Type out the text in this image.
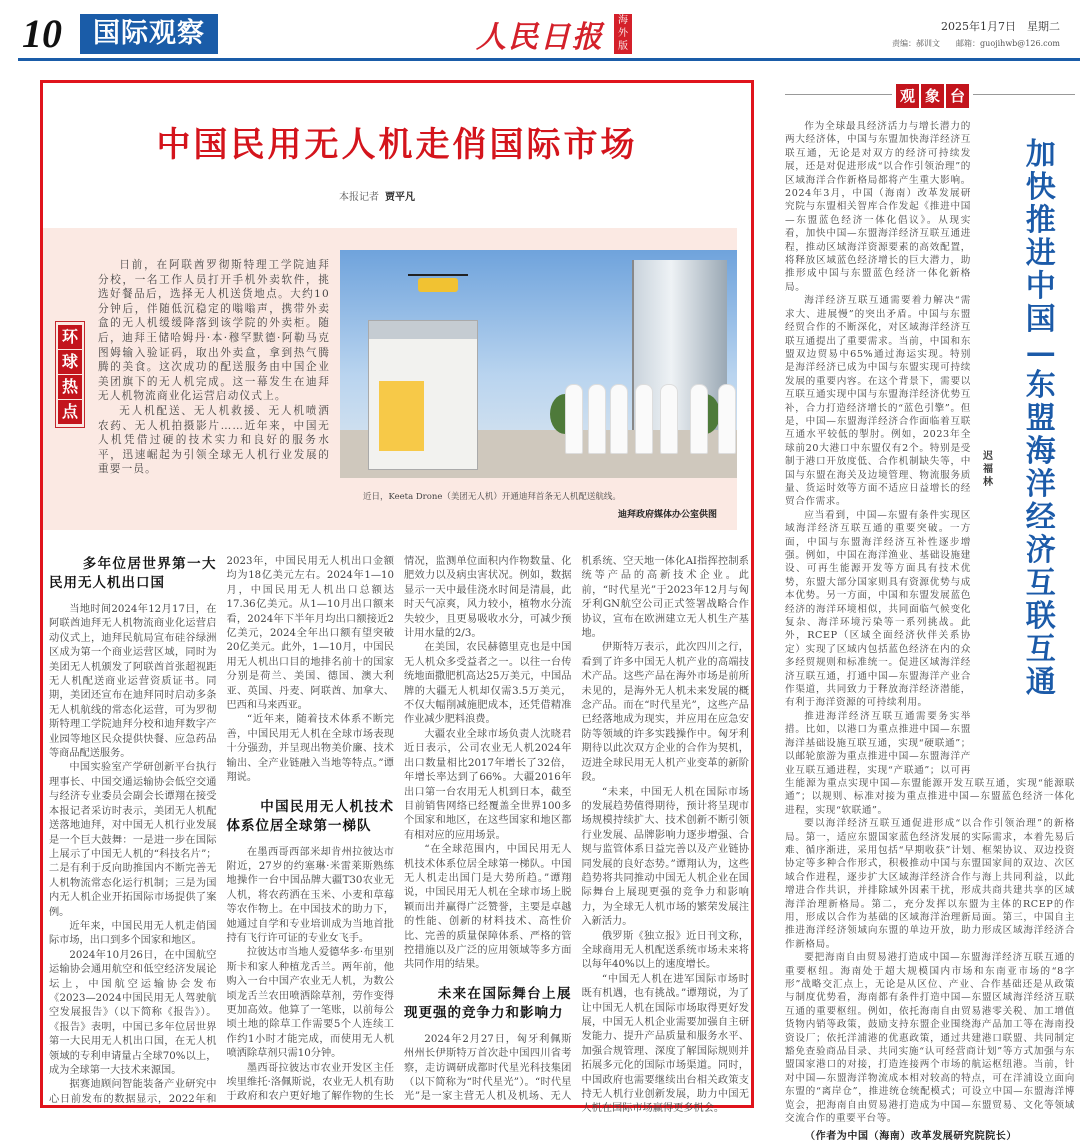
10	国际观察	人民日报	海外版
2025年1月7日　星期二
责编：郝训文　　邮箱：guojihwb@126.com
中国民用无人机走俏国际市场
本报记者 贾平凡
环
球
热
点

日前，在阿联酋罗彻斯特理工学院迪拜分校，一名工作人员打开手机外卖软件，挑选好餐品后，选择无人机送货地点。大约10分钟后，伴随低沉稳定的嗡嗡声，携带外卖盒的无人机缓缓降落到该学院的外卖柜。随后，迪拜王储哈姆丹·本·穆罕默德·阿勒马克图姆输入验证码，取出外卖盒，拿到热气腾腾的美食。这次成功的配送服务由中国企业美团旗下的无人机完成。这一幕发生在迪拜无人机物流商业化运营启动仪式上。

无人机配送、无人机救援、无人机喷洒农药、无人机拍摄影片……近年来，中国无人机凭借过硬的技术实力和良好的服务水平，迅速崛起为引领全球无人机行业发展的重要一员。

近日，Keeta Drone（美团无人机）开通迪拜首条无人机配送航线。
迪拜政府媒体办公室供图
多年位居世界第一大民用无人机出口国

当地时间2024年12月17日，在阿联酋迪拜无人机物流商业化运营启动仪式上，迪拜民航局宣布硅谷绿洲区成为第一个商业运营区域，同时为美团无人机颁发了阿联酋首张超视距无人机配送商业运营资质证书。同期，美团还宣布在迪拜同时启动多条无人机航线的常态化运营，可为罗彻斯特理工学院迪拜分校和迪拜数字产业园等地区民众提供快餐、应急药品等商品配送服务。

中国实验室产学研创新平台执行理事长、中国交通运输协会低空交通与经济专业委员会副会长谭翔在接受本报记者采访时表示，美团无人机配送落地迪拜，对中国无人机行业发展是一个巨大鼓舞：一是进一步在国际上展示了中国无人机的“科技名片”；二是有利于反向助推国内不断完善无人机物流常态化运行机制；三是为国内无人机企业开拓国际市场提供了案例。

近年来，中国民用无人机走俏国际市场，出口到多个国家和地区。

2024年10月26日，在中国航空运输协会通用航空和低空经济发展论坛上，中国航空运输协会发布《2023—2024中国民用无人驾驶航空发展报告》（以下简称《报告》）。《报告》表明，中国已多年位居世界第一大民用无人机出口国，在无人机领域的专利申请量占全球70%以上，成为全球第一大技术来源国。

据赛迪顾问智能装备产业研究中心日前发布的数据显示，2022年和2023年，中国民用无人机出口金额均为18亿美元左右。2024年1—10月，中国民用无人机出口总额达17.36亿美元。从1—10月出口额来看，2024年下半年月均出口额接近2亿美元，2024全年出口额有望突破20亿美元。此外，1—10月，中国民用无人机出口目的地排名前十的国家分别是荷兰、美国、德国、澳大利亚、英国、丹麦、阿联酋、加拿大、巴西和马来西亚。

“近年来，随着技术体系不断完善，中国民用无人机在全球市场表现十分强劲，并呈现出物美价廉、技术输出、全产业链融入当地等特点。”谭翔说。

中国民用无人机技术体系位居全球第一梯队

在墨西哥西部米却肯州拉彼达市附近，27岁的约塞琳·米雷莱斯熟练地操作一台中国品牌大疆T30农业无人机，将农药洒在玉米、小麦和草莓等农作物上。在中国技术的助力下，她通过自学和专业培训成为当地首批持有飞行许可证的专业女飞手。

拉彼达市当地人爱德华多·布里别斯卡和家人种植龙舌兰。两年前，他购入一台中国产农业无人机，为数公顷龙舌兰农田喷洒除草剂，劳作变得更加高效。他算了一笔账，以前每公顷土地的除草工作需要5个人连续工作约1小时才能完成，而使用无人机喷洒除草剂只需10分钟。

墨西哥拉彼达市农业开发区主任埃里维托·洛佩斯说，农业无人机有助于政府和农户更好地了解作物的生长情况，监测单位面积内作物数量、化肥效力以及病虫害状况。例如，数据显示一天中最佳浇水时间是清晨，此时天气凉爽，风力较小，植物水分流失较少，且更易吸收水分，可减少预计用水量的2/3。

在美国，农民赫德里克也是中国无人机众多受益者之一。以往一台传统地面撒肥机高达25万美元，中国品牌的大疆无人机却仅需3.5万美元，不仅大幅削减施肥成本，还凭借精准作业减少肥料浪费。

大疆农业全球市场负责人沈晓君近日表示，公司农业无人机2024年出口数量相比2017年增长了32倍，年增长率达到了66%。大疆2016年出口第一台农用无人机到日本，截至目前销售网络已经覆盖全世界100多个国家和地区，在这些国家和地区都有相对应的应用场景。

“在全球范围内，中国民用无人机技术体系位居全球第一梯队。中国无人机走出国门是大势所趋。”谭翔说，中国民用无人机在全球市场上脱颖而出并赢得广泛赞誉，主要是卓越的性能、创新的材料技术、高性价比、完善的质量保障体系、严格的管控措施以及广泛的应用领域等多方面共同作用的结果。

未来在国际舞台上展现更强的竞争力和影响力

2024年2月27日，匈牙利佩斯州州长伊斯特万首次赴中国四川省考察，走访调研成都时代星光科技集团（以下简称为“时代星光”）。“时代星光”是一家主营无人机及机场、无人机系统、空天地一体化AI指挥控制系统等产品的高新技术企业。此前，“时代星光”于2023年12月与匈牙利GN航空公司正式签署战略合作协议，宣布在欧洲建立无人机生产基地。

伊斯特万表示，此次四川之行，看到了许多中国无人机产业的高端技术产品。这些产品在海外市场是前所未见的，是海外无人机未来发展的概念产品。而在“时代星光”，这些产品已经落地成为现实，并应用在应急安防等领域的许多实践操作中。匈牙利期待以此次双方企业的合作为契机，迈进全球民用无人机产业变革的新阶段。

“未来，中国无人机在国际市场的发展趋势值得期待，预计将呈现市场规模持续扩大、技术创新不断引领行业发展、品牌影响力逐步增强、合规与监管体系日益完善以及产业链协同发展的良好态势。”谭翔认为，这些趋势将共同推动中国无人机企业在国际舞台上展现更强的竞争力和影响力，为全球无人机市场的繁荣发展注入新活力。

俄罗斯《独立报》近日刊文称，全球商用无人机配送系统市场未来将以每年40%以上的速度增长。

“中国无人机在进军国际市场时既有机遇，也有挑战。”谭翔说，为了让中国无人机在国际市场取得更好发展，中国无人机企业需要加强自主研发能力、提升产品质量和服务水平、加强合规管理、深度了解国际规则并拓展多元化的国际市场渠道。同时，中国政府也需要继续出台相关政策支持无人机行业创新发展，助力中国无人机在国际市场赢得更多机会。

观 象 台
迟福林
加快推进中国—东盟海洋经济互联互通

作为全球最具经济活力与增长潜力的两大经济体，中国与东盟加快海洋经济互联互通，无论是对双方的经济可持续发展，还是对促进形成“以合作引领治理”的区域海洋合作新格局都将产生重大影响。2024年3月，中国（海南）改革发展研究院与东盟相关智库合作发起《推进中国—东盟蓝色经济一体化倡议》。从现实看，加快中国—东盟海洋经济互联互通进程，推动区域海洋资源要素的高效配置，将释放区域蓝色经济增长的巨大潜力，助推形成中国与东盟蓝色经济一体化新格局。

海洋经济互联互通需要着力解决“需求大、进展慢”的突出矛盾。中国与东盟经贸合作的不断深化，对区域海洋经济互联互通提出了重要需求。当前，中国和东盟双边贸易中65%通过海运实现。特别是海洋经济已成为中国与东盟实现可持续发展的重要内容。在这个背景下，需要以互联互通实现中国与东盟海洋经济优势互补，合力打造经济增长的“蓝色引擎”。但是，中国—东盟海洋经济合作面临着互联互通水平较低的掣肘。例如，2023年全球前20大港口中东盟仅有2个。特别是受制于港口开放度低、合作机制缺失等，中国与东盟在海关及边境管理、物流服务质量、货运时效等方面不适应日益增长的经贸合作需求。

应当看到，中国—东盟有条件实现区域海洋经济互联互通的重要突破。一方面，中国与东盟海洋经济互补性逐步增强。例如，中国在海洋渔业、基础设施建设、可再生能源开发等方面具有技术优势，东盟大部分国家则具有资源优势与成本优势。另一方面，中国和东盟发展蓝色经济的海洋环境相似，共同面临气候变化复杂、海洋环境污染等一系列挑战。此外，RCEP（区域全面经济伙伴关系协定）实现了区域内包括蓝色经济在内的众多经贸规则和标准统一。促进区域海洋经济互联互通，打通中国—东盟海洋产业合作渠道，共同致力于释放海洋经济潜能，有利于海洋资源的可持续利用。

推进海洋经济互联互通需要务实举措。比如，以港口为重点推进中国—东盟海洋基础设施互联互通，实现“硬联通”；以邮轮旅游为重点推进中国—东盟海洋产业互联互通进程，实现“产联通”；以可再生能源为重点实现中国—东盟能源开发互联互通，实现“能源联通”；以规则、标准对接为重点推进中国—东盟蓝色经济一体化进程，实现“软联通”。

要以海洋经济互联互通促进形成“以合作引领治理”的新格局。第一，适应东盟国家蓝色经济发展的实际需求，本着先易后难、循序渐进，采用包括“早期收获”计划、框架协议、双边投资协定等多种合作形式，积极推动中国与东盟国家间的双边、次区域合作进程，逐步扩大区域海洋经济合作与海上共同利益，以此增进合作共识，并排除域外因素干扰，形成共商共建共享的区域海洋治理新格局。第二，充分发挥以东盟为主体的RCEP的作用，形成以合作为基础的区域海洋治理新局面。第三，中国自主推进海洋经济领域向东盟的单边开放，助力形成区域海洋经济合作新格局。

要把海南自由贸易港打造成中国—东盟海洋经济互联互通的重要枢纽。海南处于超大规模国内市场和东南亚市场的“8字形”战略交汇点上，无论是从区位、产业、合作基础还是从政策与制度优势看，海南都有条件打造中国—东盟区域海洋经济互联互通的重要枢纽。例如，依托海南自由贸易港零关税、加工增值货物内销等政策，鼓励支持东盟企业围绕海产品加工等在海南投资设厂；依托洋浦港的优惠政策，通过共建港口联盟、共同制定豁免查验商品目录、共同实施“认可经营商计划”等方式加强与东盟国家港口的对接，打造连接两个市场的航运枢纽港。当前，针对中国—东盟海洋物流成本相对较高的特点，可在洋浦设立面向东盟的“离岸仓”，推进统仓统配模式；可设立中国—东盟海洋博览会，把海南自由贸易港打造成为中国—东盟贸易、文化等领域交流合作的重要平台等。

（作者为中国（海南）改革发展研究院院长）
